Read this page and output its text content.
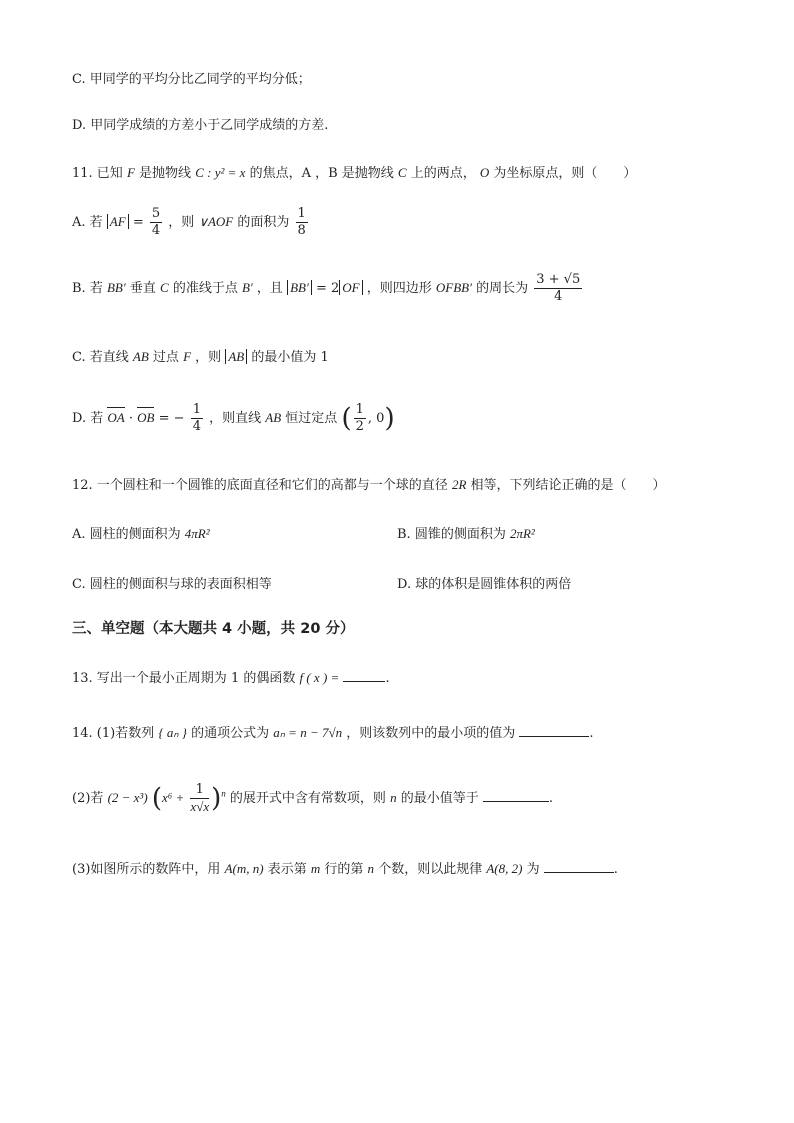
C. 甲同学的平均分比乙同学的平均分低；
D. 甲同学成绩的方差小于乙同学成绩的方差.
11. 已知 F 是抛物线 C : y² = x 的焦点，A ，B 是抛物线 C 上的两点， O 为坐标原点，则（　　）
A. 若 AF = $\frac{5}{4}$ ，则 ∨AOF 的面积为 $\frac{1}{8}$
B. 若 BB′ 垂直 C 的准线于点 B′ ，且 BB′ = 2 OF ，则四边形 OFBB′ 的周长为 $\frac{3 + √5}{4}$
C. 若直线 AB 过点 F ，则 AB 的最小值为 1
D. 若 OA · OB = − $\frac{1}{4}$ ，则直线 AB 恒过定点 ( $\frac{1}{2}$ , 0)
12. 一个圆柱和一个圆锥的底面直径和它们的高都与一个球的直径 2R 相等，下列结论正确的是（　　）
A. 圆柱的侧面积为 4πR²	B. 圆锥的侧面积为 2πR²
C. 圆柱的侧面积与球的表面积相等	D. 球的体积是圆锥体积的两倍
三、单空题（本大题共 4 小题，共 20 分）
13. 写出一个最小正周期为 1 的偶函数 f ( x ) =	.
14. (1)若数列 { aₙ } 的通项公式为 aₙ = n − 7√n ，则该数列中的最小项的值为	.
(2)若 (2 − x³) $(x^6 + \frac{1}{x√x} )^n$ 的展开式中含有常数项，则 n 的最小值等于	.
(3)如图所示的数阵中，用 A(m, n) 表示第 m 行的第 n 个数，则以此规律 A(8, 2) 为	.
